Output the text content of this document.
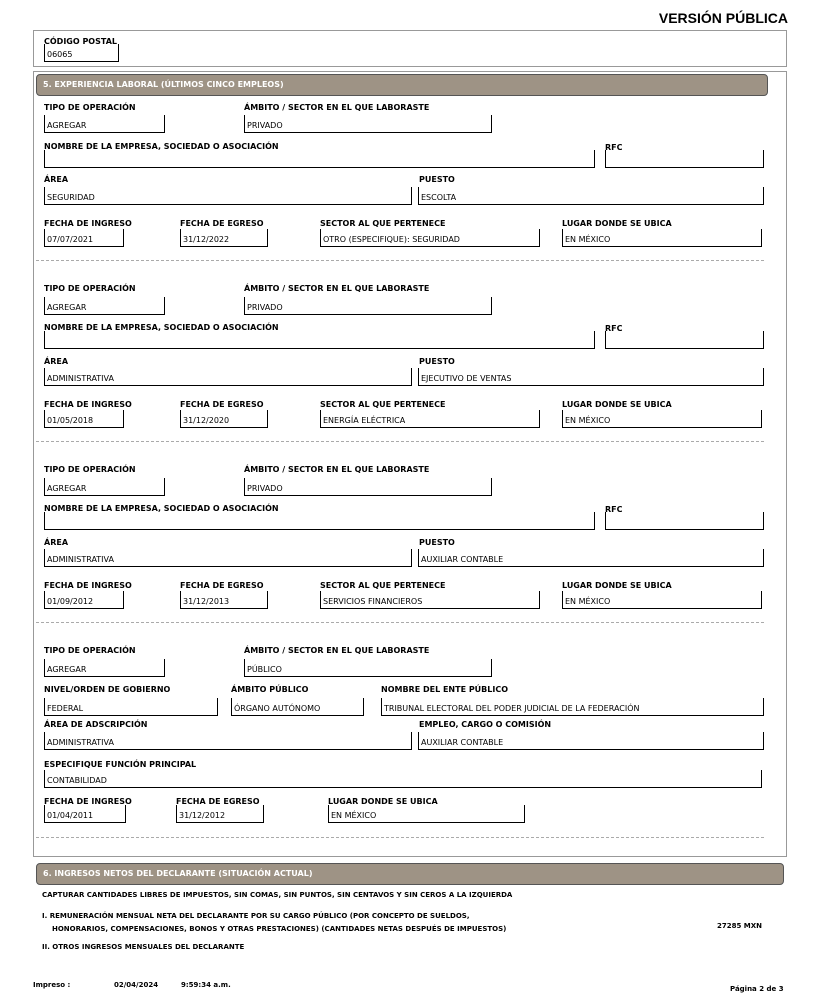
VERSIÓN PÚBLICA
CÓDIGO POSTAL
06065
5. EXPERIENCIA LABORAL (ÚLTIMOS CINCO EMPLEOS)
TIPO DE OPERACIÓN	ÁMBITO / SECTOR EN EL QUE LABORASTE
AGREGAR	PRIVADO
NOMBRE DE LA EMPRESA, SOCIEDAD O ASOCIACIÓN	RFC
ÁREA	PUESTO
SEGURIDAD	ESCOLTA
FECHA DE INGRESO	FECHA DE EGRESO	SECTOR AL QUE PERTENECE	LUGAR DONDE SE UBICA
07/07/2021	31/12/2022	OTRO (ESPECIFIQUE): SEGURIDAD	EN MÉXICO
TIPO DE OPERACIÓN	ÁMBITO / SECTOR EN EL QUE LABORASTE
AGREGAR	PRIVADO
NOMBRE DE LA EMPRESA, SOCIEDAD O ASOCIACIÓN	RFC
ÁREA	PUESTO
ADMINISTRATIVA	EJECUTIVO DE VENTAS
FECHA DE INGRESO	FECHA DE EGRESO	SECTOR AL QUE PERTENECE	LUGAR DONDE SE UBICA
01/05/2018	31/12/2020	ENERGÍA ELÉCTRICA	EN MÉXICO
TIPO DE OPERACIÓN	ÁMBITO / SECTOR EN EL QUE LABORASTE
AGREGAR	PRIVADO
NOMBRE DE LA EMPRESA, SOCIEDAD O ASOCIACIÓN	RFC
ÁREA	PUESTO
ADMINISTRATIVA	AUXILIAR CONTABLE
FECHA DE INGRESO	FECHA DE EGRESO	SECTOR AL QUE PERTENECE	LUGAR DONDE SE UBICA
01/09/2012	31/12/2013	SERVICIOS FINANCIEROS	EN MÉXICO
TIPO DE OPERACIÓN	ÁMBITO / SECTOR EN EL QUE LABORASTE
AGREGAR	PÚBLICO
NIVEL/ORDEN DE GOBIERNO	ÁMBITO PÚBLICO	NOMBRE DEL ENTE PÚBLICO
FEDERAL	ÓRGANO AUTÓNOMO	TRIBUNAL ELECTORAL DEL PODER JUDICIAL DE LA FEDERACIÓN
ÁREA DE ADSCRIPCIÓN	EMPLEO, CARGO O COMISIÓN
ADMINISTRATIVA	AUXILIAR CONTABLE
ESPECIFIQUE FUNCIÓN PRINCIPAL
CONTABILIDAD
FECHA DE INGRESO	FECHA DE EGRESO	LUGAR DONDE SE UBICA
01/04/2011	31/12/2012	EN MÉXICO
6. INGRESOS NETOS DEL DECLARANTE (SITUACIÓN ACTUAL)
CAPTURAR CANTIDADES LIBRES DE IMPUESTOS, SIN COMAS, SIN PUNTOS, SIN CENTAVOS Y SIN CEROS A LA IZQUIERDA
I. REMUNERACIÓN MENSUAL NETA DEL DECLARANTE POR SU CARGO PÚBLICO (POR CONCEPTO DE SUELDOS,
HONORARIOS, COMPENSACIONES, BONOS Y OTRAS PRESTACIONES) (CANTIDADES NETAS DESPUÉS DE IMPUESTOS)	27285 MXN
II. OTROS INGRESOS MENSUALES DEL DECLARANTE
Impreso :	02/04/2024	9:59:34 a.m.	Página 2 de 3
